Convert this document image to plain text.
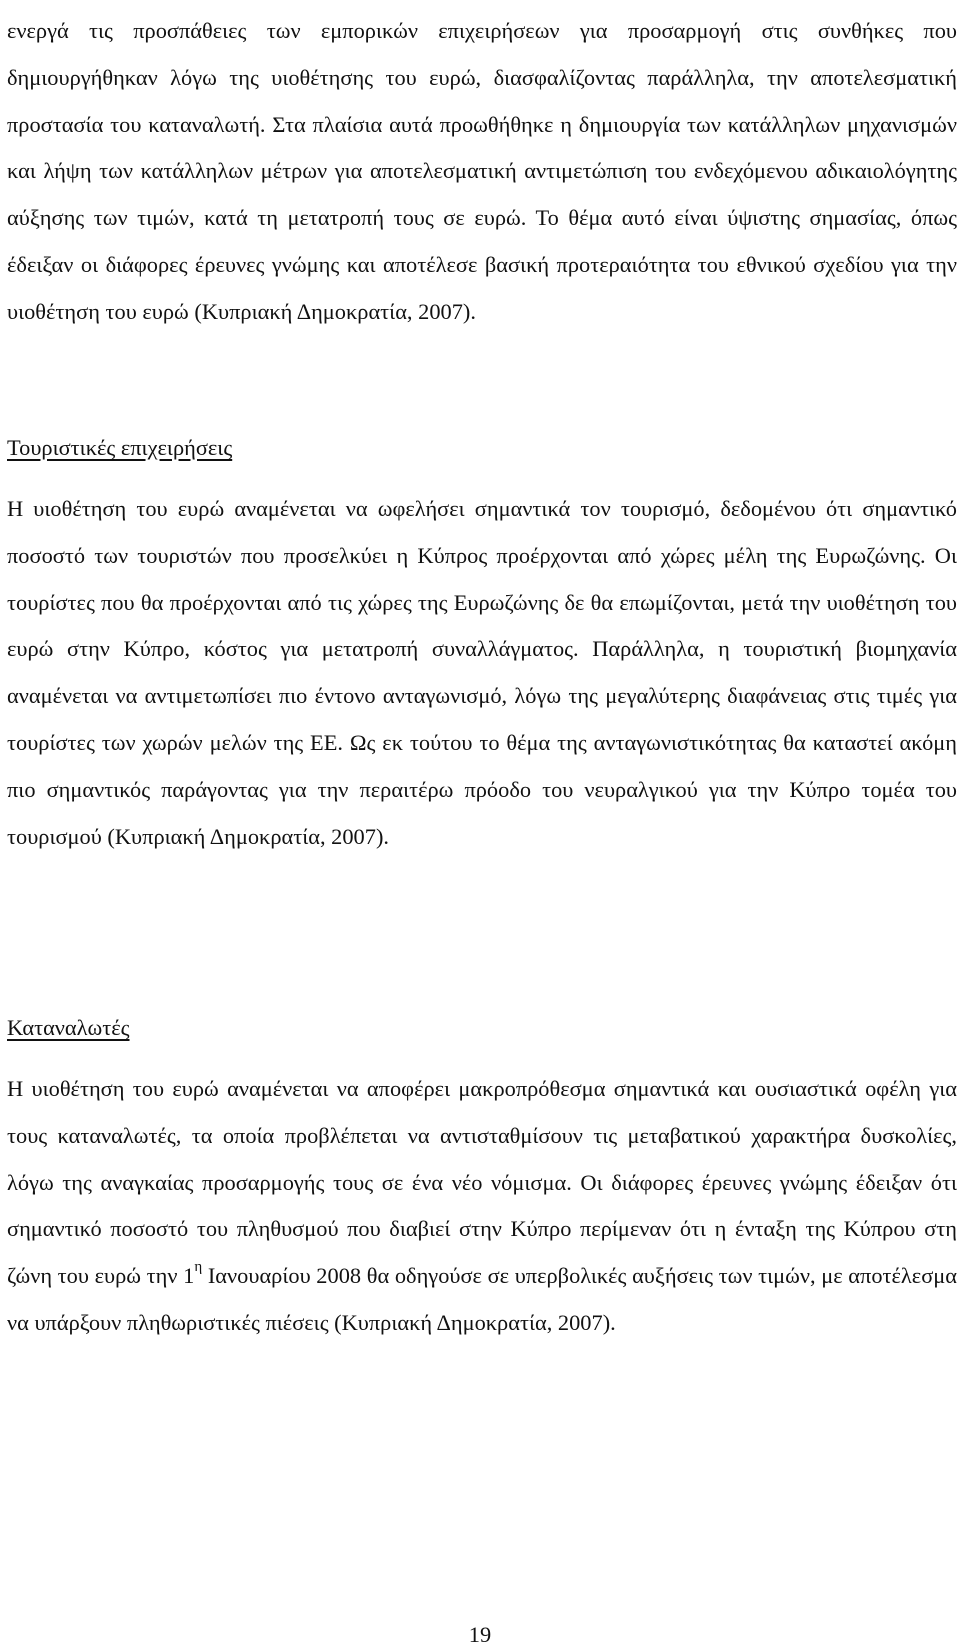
ενεργά τις προσπάθειες των εμπορικών επιχειρήσεων για προσαρμογή στις συνθήκες που δημιουργήθηκαν λόγω της υιοθέτησης του ευρώ, διασφαλίζοντας παράλληλα, την αποτελεσματική προστασία του καταναλωτή. Στα πλαίσια αυτά προωθήθηκε η δημιουργία των κατάλληλων μηχανισμών και λήψη των κατάλληλων μέτρων για αποτελεσματική αντιμετώπιση του ενδεχόμενου αδικαιολόγητης αύξησης των τιμών, κατά τη μετατροπή τους σε ευρώ. Το θέμα αυτό είναι ύψιστης σημασίας, όπως έδειξαν οι διάφορες έρευνες γνώμης και αποτέλεσε βασική προτεραιότητα του εθνικού σχεδίου για την υιοθέτηση του ευρώ (Κυπριακή Δημοκρατία, 2007).

Τουριστικές επιχειρήσεις

Η υιοθέτηση του ευρώ αναμένεται να ωφελήσει σημαντικά τον τουρισμό, δεδομένου ότι σημαντικό ποσοστό των τουριστών που προσελκύει η Κύπρος προέρχονται από χώρες μέλη της Ευρωζώνης. Οι τουρίστες που θα προέρχονται από τις χώρες της Ευρωζώνης δε θα επωμίζονται, μετά την υιοθέτηση του ευρώ στην Κύπρο, κόστος για μετατροπή συναλλάγματος. Παράλληλα, η τουριστική βιομηχανία αναμένεται να αντιμετωπίσει πιο έντονο ανταγωνισμό, λόγω της μεγαλύτερης διαφάνειας στις τιμές για τουρίστες των χωρών μελών της ΕΕ. Ως εκ τούτου το θέμα της ανταγωνιστικότητας θα καταστεί ακόμη πιο σημαντικός παράγοντας για την περαιτέρω πρόοδο του νευραλγικού για την Κύπρο τομέα του τουρισμού (Κυπριακή Δημοκρατία, 2007).

Καταναλωτές

Η υιοθέτηση του ευρώ αναμένεται να αποφέρει μακροπρόθεσμα σημαντικά και ουσιαστικά οφέλη για τους καταναλωτές, τα οποία προβλέπεται να αντισταθμίσουν τις μεταβατικού χαρακτήρα δυσκολίες, λόγω της αναγκαίας προσαρμογής τους σε ένα νέο νόμισμα. Οι διάφορες έρευνες γνώμης έδειξαν ότι σημαντικό ποσοστό του πληθυσμού που διαβιεί στην Κύπρο περίμεναν ότι η ένταξη της Κύπρου στη ζώνη του ευρώ την $1^\eta$ Ιανουαρίου 2008 θα οδηγούσε σε υπερβολικές αυξήσεις των τιμών, με αποτέλεσμα να υπάρξουν πληθωριστικές πιέσεις (Κυπριακή Δημοκρατία, 2007).

19
